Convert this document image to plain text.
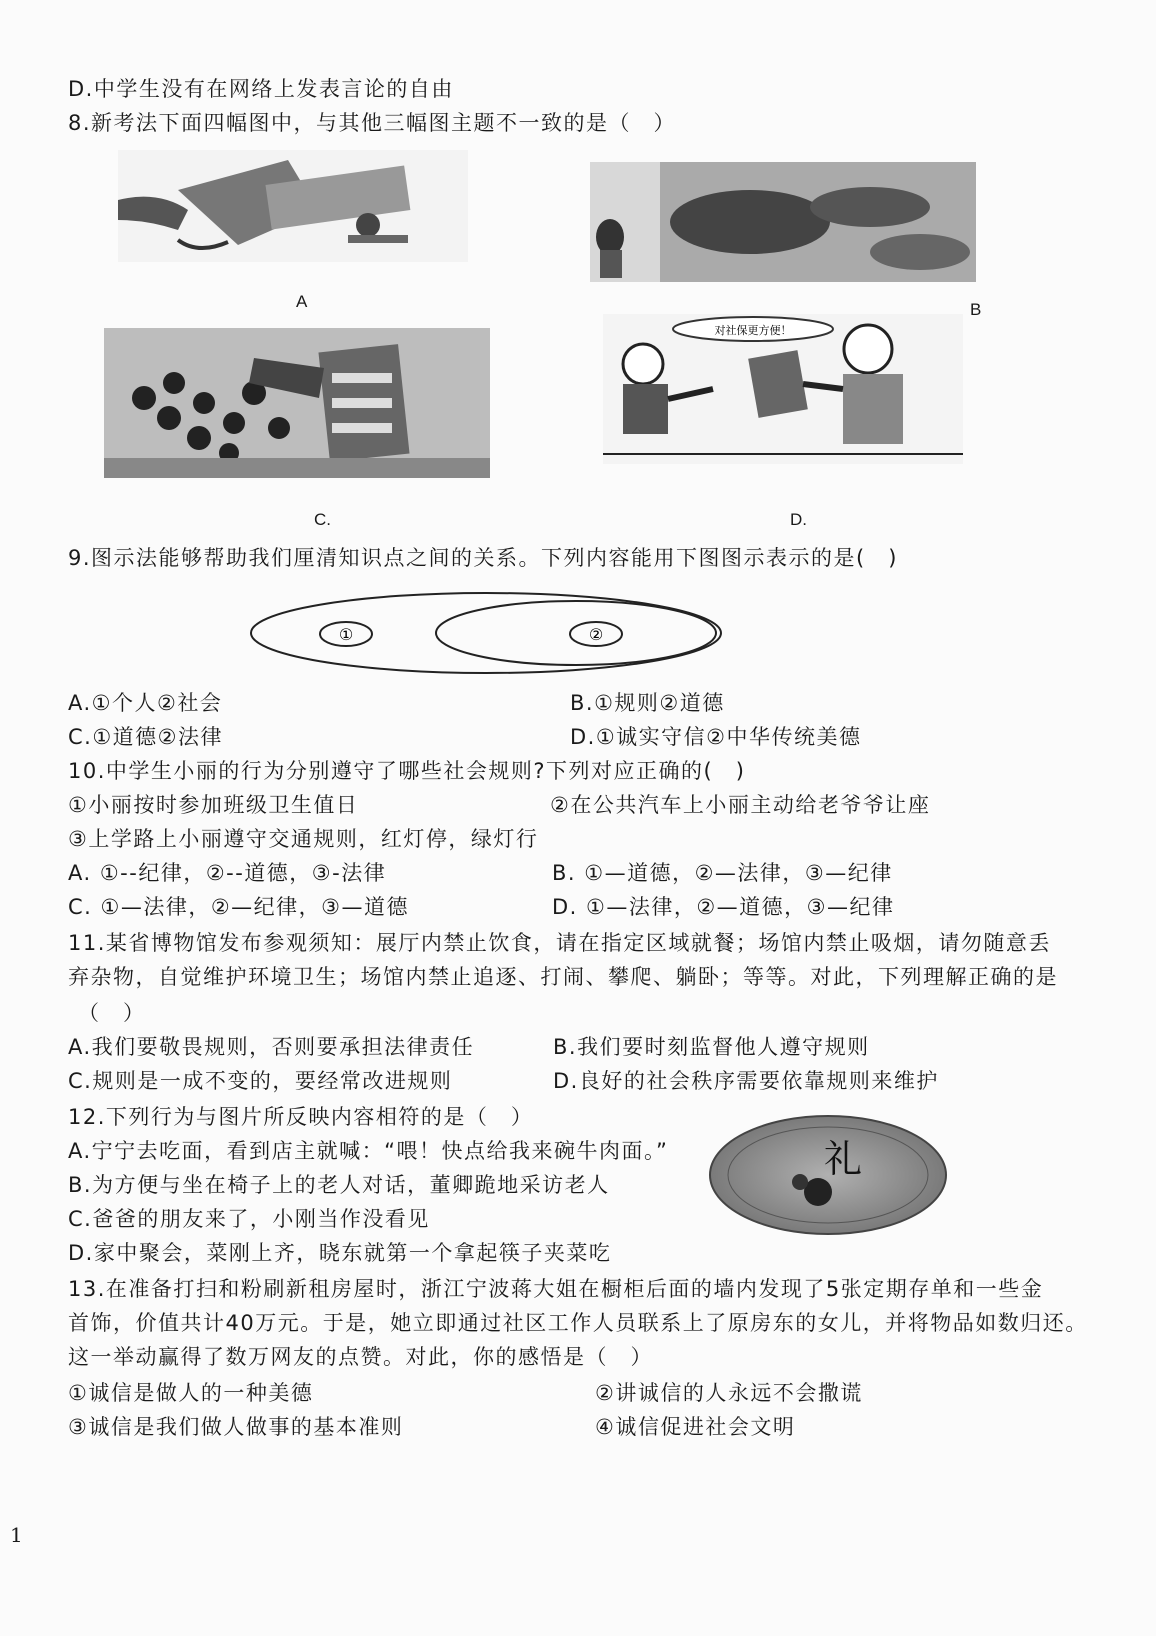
D.中学生没有在网络上发表言论的自由
8.新考法下面四幅图中，与其他三幅图主题不一致的是（　）
A	B
C.
对社保更方便！
D.
9.图示法能够帮助我们厘清知识点之间的关系。下列内容能用下图图示表示的是(　)
①	②
A.①个人②社会	B.①规则②道德
C.①道德②法律	D.①诚实守信②中华传统美德
10.中学生小丽的行为分别遵守了哪些社会规则?下列对应正确的(　)
①小丽按时参加班级卫生值日	②在公共汽车上小丽主动给老爷爷让座
③上学路上小丽遵守交通规则，红灯停，绿灯行
A. ①--纪律，②--道德，③-法律	B. ①—道德，②—法律，③—纪律
C. ①—法律，②—纪律，③—道德	D. ①—法律，②—道德，③—纪律
11.某省博物馆发布参观须知：展厅内禁止饮食，请在指定区域就餐；场馆内禁止吸烟，请勿随意丢
弃杂物，自觉维护环境卫生；场馆内禁止追逐、打闹、攀爬、躺卧；等等。对此，下列理解正确的是
（　）
A.我们要敬畏规则，否则要承担法律责任	B.我们要时刻监督他人遵守规则
C.规则是一成不变的，要经常改进规则	D.良好的社会秩序需要依靠规则来维护
12.下列行为与图片所反映内容相符的是（　）
A.宁宁去吃面，看到店主就喊：“喂！快点给我来碗牛肉面。”
B.为方便与坐在椅子上的老人对话，董卿跪地采访老人
C.爸爸的朋友来了，小刚当作没看见
D.家中聚会，菜刚上齐，晓东就第一个拿起筷子夹菜吃
礼
13.在准备打扫和粉刷新租房屋时，浙江宁波蒋大姐在橱柜后面的墙内发现了5张定期存单和一些金
首饰，价值共计40万元。于是，她立即通过社区工作人员联系上了原房东的女儿，并将物品如数归还。
这一举动赢得了数万网友的点赞。对此，你的感悟是（　）
①诚信是做人的一种美德	②讲诚信的人永远不会撒谎
③诚信是我们做人做事的基本准则	④诚信促进社会文明
1
